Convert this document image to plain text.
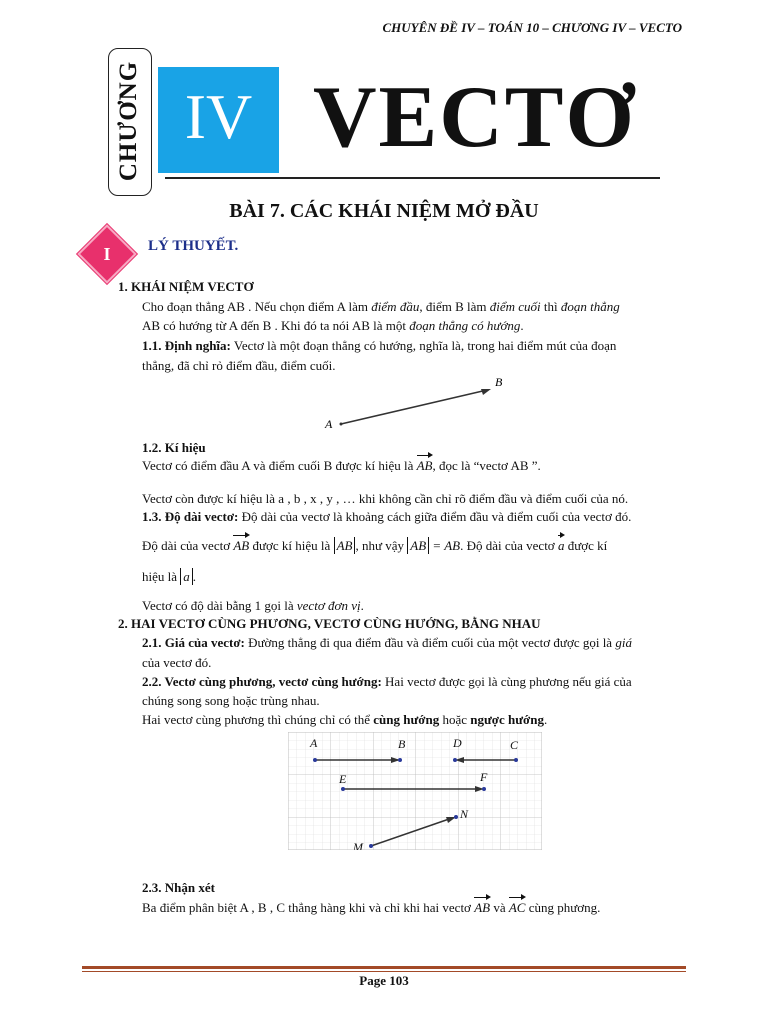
CHUYÊN ĐỀ IV – TOÁN 10 – CHƯƠNG IV – VECTO
CHƯƠNG IV VECTƠ
BÀI 7. CÁC KHÁI NIỆM MỞ ĐẦU
I	LÝ THUYẾT.
1. KHÁI NIỆM VECTƠ
Cho đoạn thẳng AB . Nếu chọn điểm A làm điểm đầu, điểm B làm điểm cuối thì đoạn thẳng
AB có hướng từ A đến B . Khi đó ta nói AB là một đoạn thẳng có hướng.
1.1. Định nghĩa: Vectơ là một đoạn thẳng có hướng, nghĩa là, trong hai điểm mút của đoạn
thẳng, đã chỉ rỏ điểm đầu, điểm cuối.
A
B
1.2. Kí hiệu
Vectơ có điểm đầu A và điểm cuối B được kí hiệu là AB, đọc là “vectơ AB ”.
Vectơ còn được kí hiệu là a , b , x , y , … khi không cần chỉ rõ điểm đầu và điểm cuối của nó.
1.3. Độ dài vectơ: Độ dài của vectơ là khoảng cách giữa điểm đầu và điểm cuối của vectơ đó.
Độ dài của vectơ AB được kí hiệu là AB , như vậy AB = AB. Độ dài của vectơ a được kí
hiệu là a .
Vectơ có độ dài bằng 1 gọi là vectơ đơn vị.
2. HAI VECTƠ CÙNG PHƯƠNG, VECTƠ CÙNG HƯỚNG, BẰNG NHAU
2.1. Giá của vectơ: Đường thẳng đi qua điểm đầu và điểm cuối của một vectơ được gọi là giá
của vectơ đó.
2.2. Vectơ cùng phương, vectơ cùng hướng: Hai vectơ được gọi là cùng phương nếu giá của
chúng song song hoặc trùng nhau.
Hai vectơ cùng phương thì chúng chỉ có thể cùng hướng hoặc ngược hướng.
A	B	D	C
E	F
N
M
2.3. Nhận xét
Ba điểm phân biệt A , B , C thẳng hàng khi và chỉ khi hai vectơ AB và AC cùng phương.
Page 103
